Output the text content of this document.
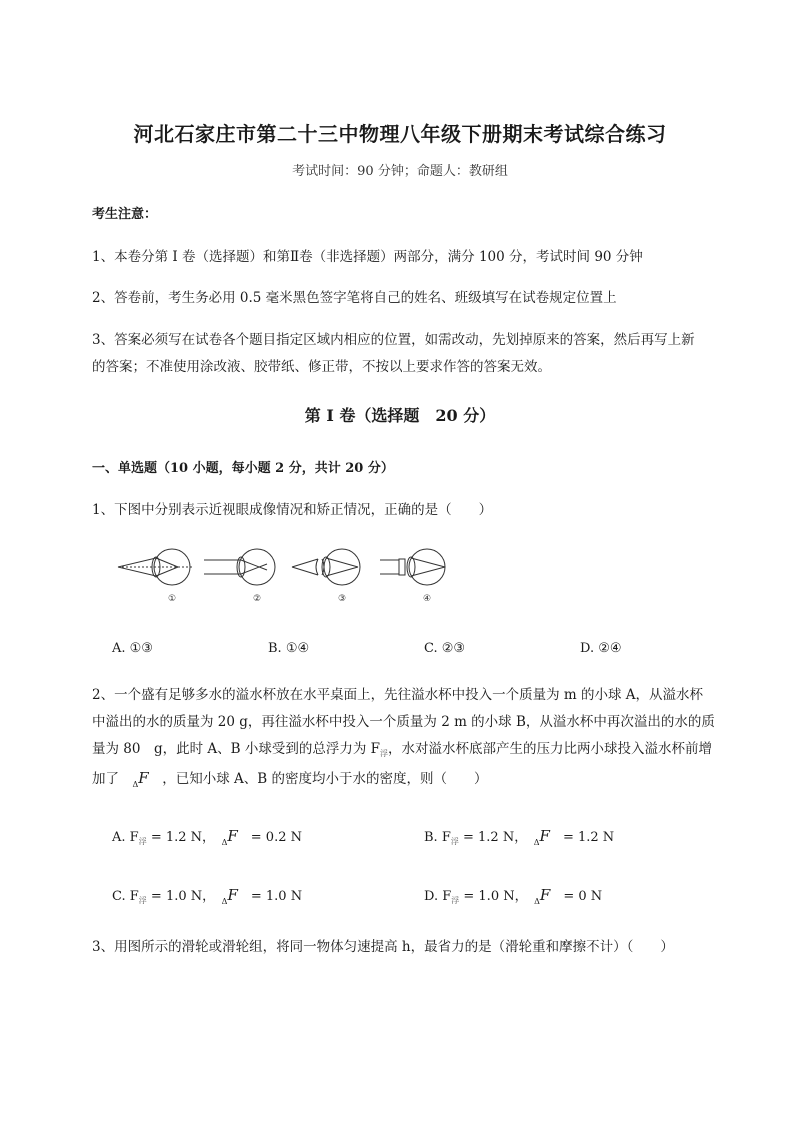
河北石家庄市第二十三中物理八年级下册期末考试综合练习
考试时间：90 分钟；命题人：教研组
考生注意：
1、本卷分第 I 卷（选择题）和第Ⅱ卷（非选择题）两部分，满分 100 分，考试时间 90 分钟
2、答卷前，考生务必用 0.5 毫米黑色签字笔将自己的姓名、班级填写在试卷规定位置上
3、答案必须写在试卷各个题目指定区域内相应的位置，如需改动，先划掉原来的答案，然后再写上新
的答案；不准使用涂改液、胶带纸、修正带，不按以上要求作答的答案无效。
第 I 卷（选择题　20 分）
一、单选题（10 小题，每小题 2 分，共计 20 分）
1、下图中分别表示近视眼成像情况和矫正情况，正确的是（　　）
①	②	③	④
A. ①③	B. ①④	C. ②③	D. ②④
2、一个盛有足够多水的溢水杯放在水平桌面上，先往溢水杯中投入一个质量为 m 的小球 A，从溢水杯
中溢出的水的质量为 20 g，再往溢水杯中投入一个质量为 2 m 的小球 B，从溢水杯中再次溢出的水的质
量为 80　g，此时 A、B 小球受到的总浮力为 $F_浮$，水对溢水杯底部产生的压力比两小球投入溢水杯前增
加了　 $_\Delta$F　 ，已知小球 A、B 的密度均小于水的密度，则（　　）
A. $F_浮 = 1.2$ N，　 $_\Delta$F　 = 0.2 N	B. $F_浮 = 1.2$ N，　 $_\Delta$F　 = 1.2 N
C. $F_浮 = 1.0$ N，　 $_\Delta$F　 = 1.0 N	D. $F_浮 = 1.0$ N，　 $_\Delta$F　 = 0 N
3、用图所示的滑轮或滑轮组，将同一物体匀速提高 h，最省力的是（滑轮重和摩擦不计）（　　）
